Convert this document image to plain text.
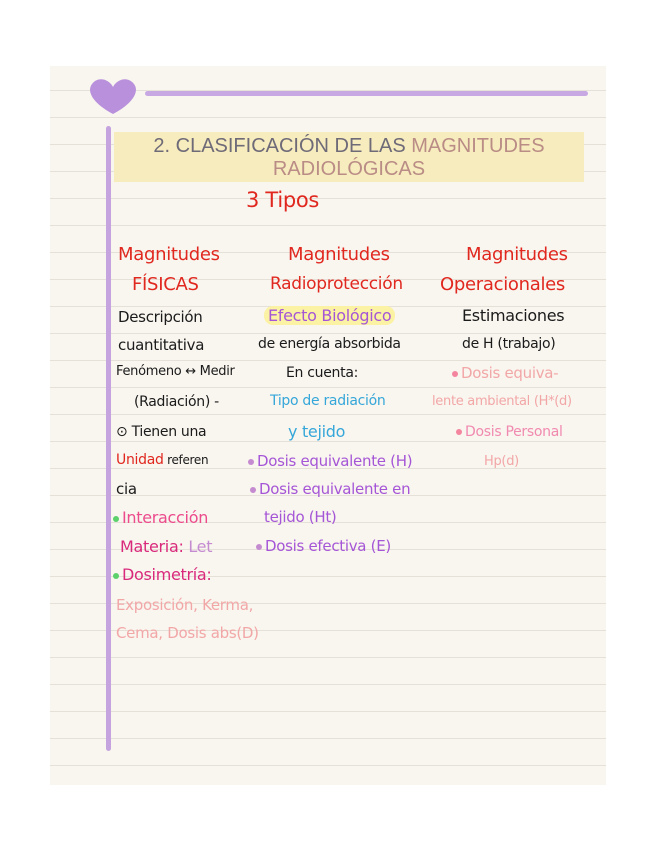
2. CLASIFICACIÓN DE LAS MAGNITUDES
RADIOLÓGICAS
3 Tipos
Magnitudes
FÍSICAS
Descripción
cuantitativa
Fenómeno ↔ Medir
(Radiación) -
⊙ Tienen una
Unidad referen
cia
Interacción
Materia: Let
Dosimetría:
Exposición, Kerma,
Cema, Dosis abs(D)
Magnitudes
Radioprotección
Efecto Biológico
de energía absorbida
En cuenta:
Tipo de radiación
y tejido
Dosis equivalente (H)
Dosis equivalente en
tejido (Ht)
Dosis efectiva (E)
Magnitudes
Operacionales
Estimaciones
de H (trabajo)
Dosis equiva-
lente ambiental (H*(d)
Dosis Personal
Hp(d)
